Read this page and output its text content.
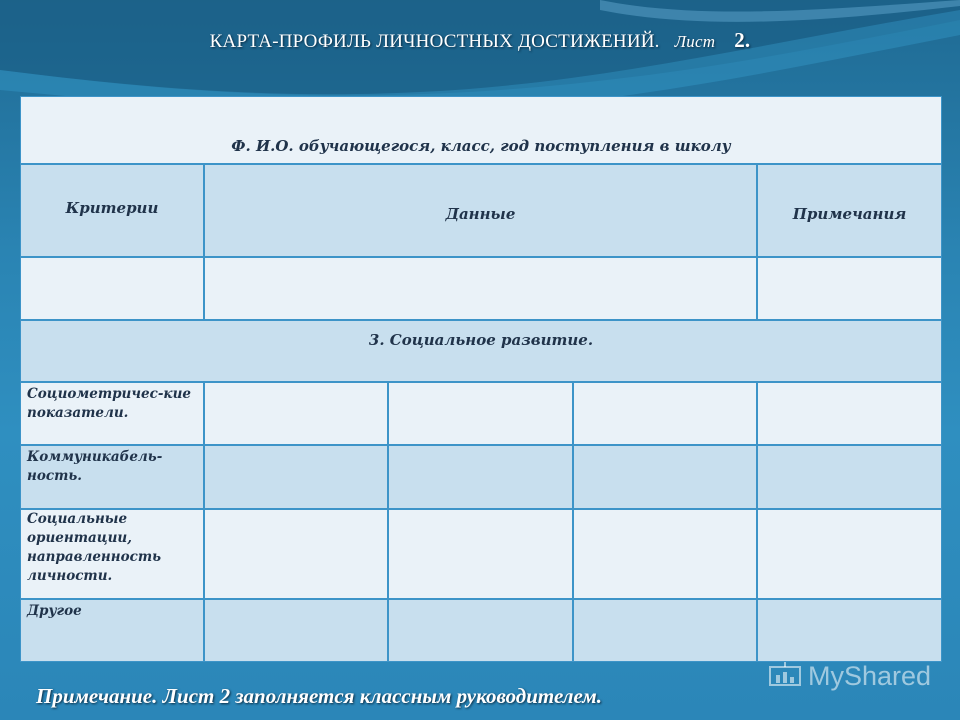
КАРТА-ПРОФИЛЬ ЛИЧНОСТНЫХ ДОСТИЖЕНИЙ. Лист 2.
Ф. И.О. обучающегося, класс, год поступления в школу
Критерии	Данные	Примечания
3. Социальное развитие.
Социометричес-кие показатели.
Коммуникабель-ность.
Социальные ориентации, направленность личности.
Другое
Примечание. Лист 2 заполняется классным руководителем.
MyShared
